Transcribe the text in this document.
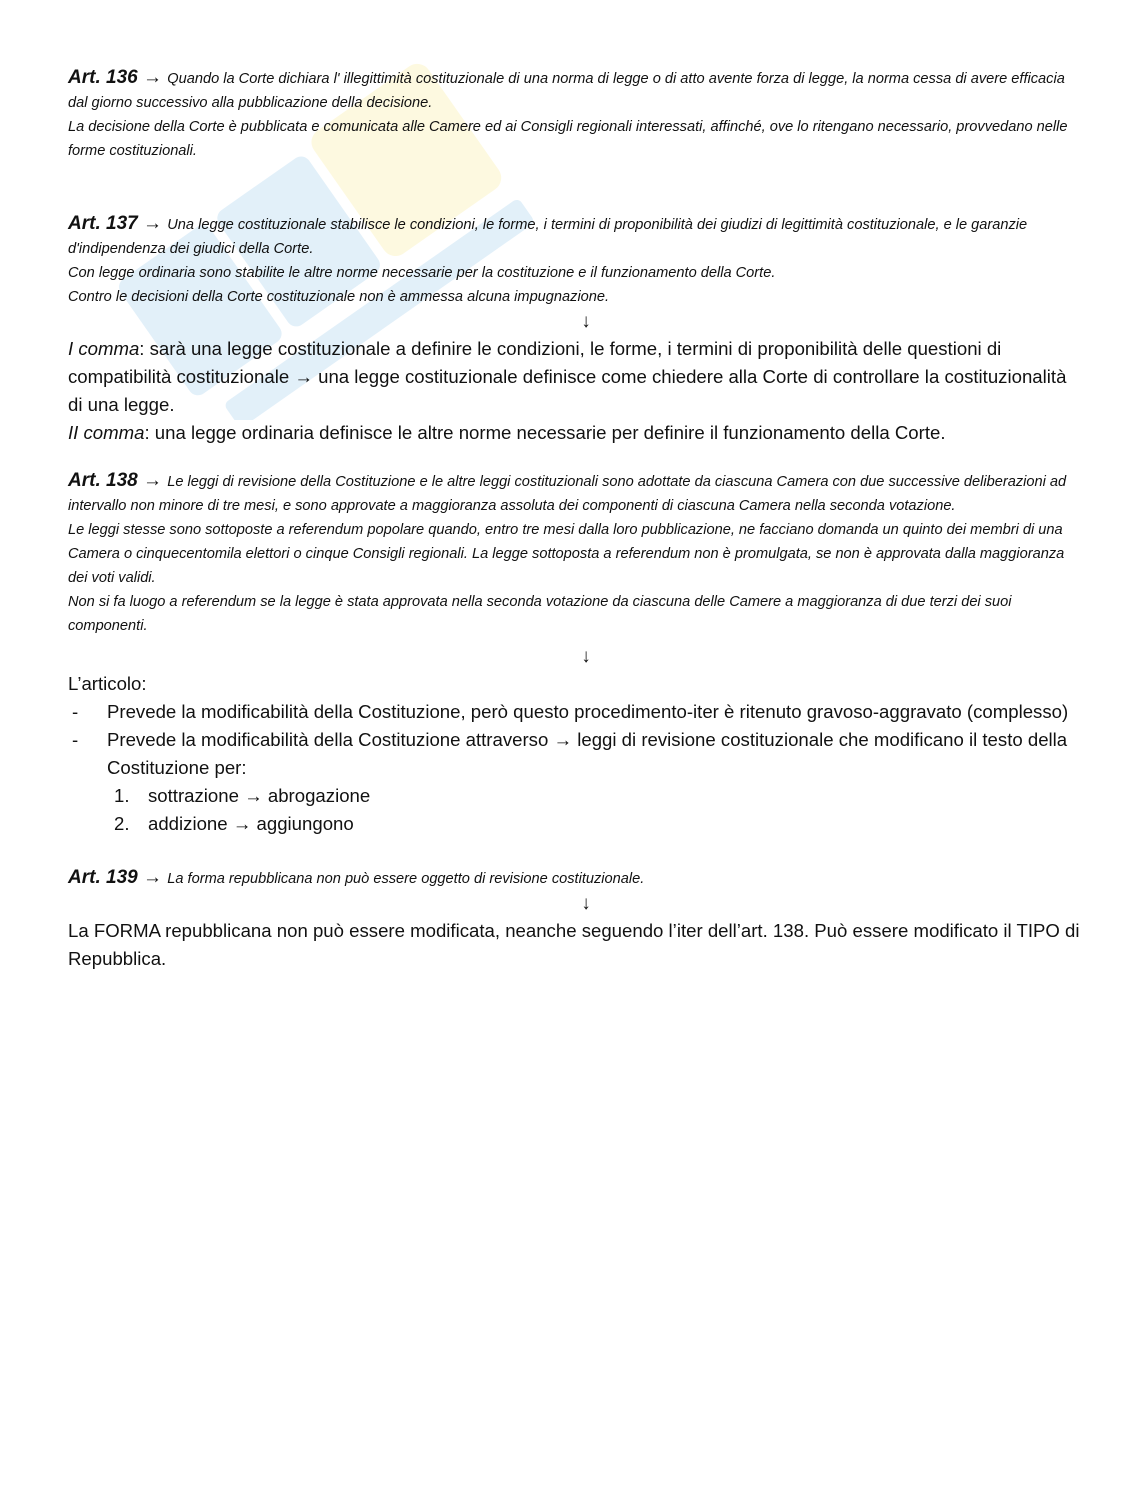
Art. 136 → Quando la Corte dichiara l' illegittimità costituzionale di una norma di legge o di atto avente forza di legge, la norma cessa di avere efficacia dal giorno successivo alla pubblicazione della decisione.

La decisione della Corte è pubblicata e comunicata alle Camere ed ai Consigli regionali interessati, affinché, ove lo ritengano necessario, provvedano nelle forme costituzionali.

Art. 137 → Una legge costituzionale stabilisce le condizioni, le forme, i termini di proponibilità dei giudizi di legittimità costituzionale, e le garanzie d'indipendenza dei giudici della Corte.

Con legge ordinaria sono stabilite le altre norme necessarie per la costituzione e il funzionamento della Corte.

Contro le decisioni della Corte costituzionale non è ammessa alcuna impugnazione.

↓

I comma: sarà una legge costituzionale a definire le condizioni, le forme, i termini di proponibilità delle questioni di compatibilità costituzionale → una legge costituzionale definisce come chiedere alla Corte di controllare la costituzionalità di una legge.

II comma: una legge ordinaria definisce le altre norme necessarie per definire il funzionamento della Corte.

Art. 138 → Le leggi di revisione della Costituzione e le altre leggi costituzionali sono adottate da ciascuna Camera con due successive deliberazioni ad intervallo non minore di tre mesi, e sono approvate a maggioranza assoluta dei componenti di ciascuna Camera nella seconda votazione.

Le leggi stesse sono sottoposte a referendum popolare quando, entro tre mesi dalla loro pubblicazione, ne facciano domanda un quinto dei membri di una Camera o cinquecentomila elettori o cinque Consigli regionali. La legge sottoposta a referendum non è promulgata, se non è approvata dalla maggioranza dei voti validi.

Non si fa luogo a referendum se la legge è stata approvata nella seconda votazione da ciascuna delle Camere a maggioranza di due terzi dei suoi componenti.

↓

L’articolo:

- Prevede la modificabilità della Costituzione, però questo procedimento-iter è ritenuto gravoso-aggravato (complesso)
- Prevede la modificabilità della Costituzione attraverso → leggi di revisione costituzionale che modificano il testo della Costituzione per:
1. sottrazione → abrogazione
2. addizione → aggiungono

Art. 139 → La forma repubblicana non può essere oggetto di revisione costituzionale.

↓

La FORMA repubblicana non può essere modificata, neanche seguendo l’iter dell’art. 138. Può essere modificato il TIPO di Repubblica.
